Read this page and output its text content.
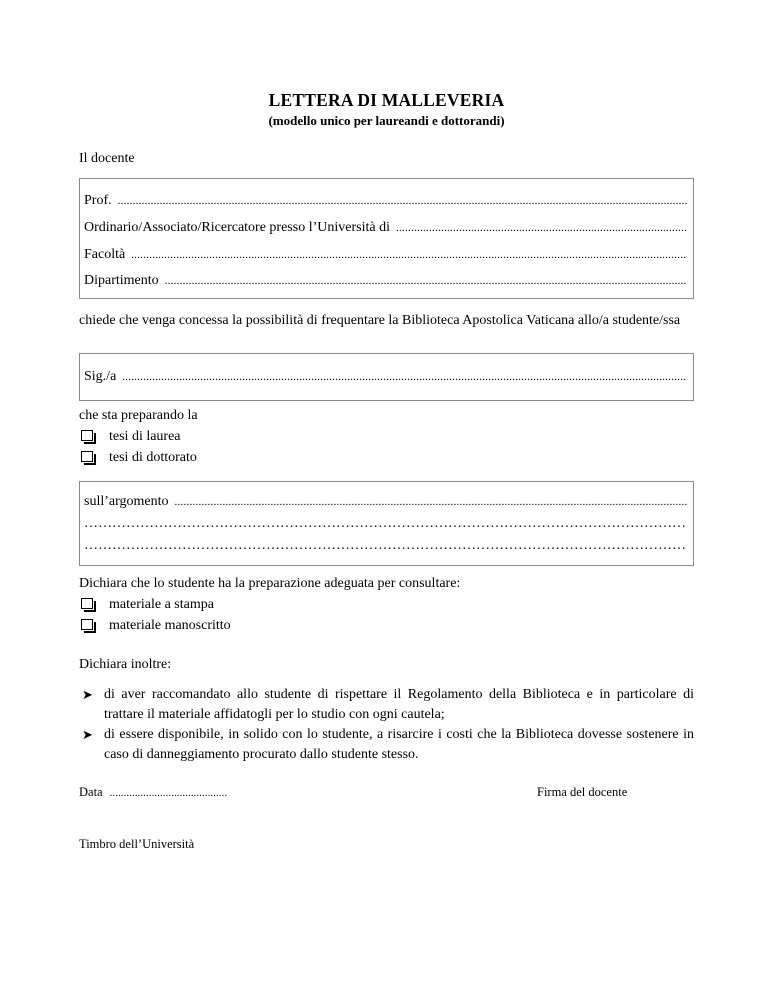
LETTERA DI MALLEVERIA
(modello unico per laureandi e dottorandi)
Il docente
Prof.
.....
Ordinario/Associato/Ricercatore presso l’Università di
.....
Facoltà
.....
Dipartimento
.....
chiede che venga concessa la possibilità di frequentare la Biblioteca Apostolica Vaticana allo/a studente/ssa
Sig./a
.....
che sta preparando la
tesi di laurea
tesi di dottorato
sull’argomento
.....
……………………………………………………………………………………………………………………………………………………………………
……………………………………………………………………………………………………………………………………………………………………
Dichiara che lo studente ha la preparazione adeguata per consultare:
materiale a stampa
materiale manoscritto
Dichiara inoltre:
➤ di aver raccomandato allo studente di rispettare il Regolamento della Biblioteca e in particolare di trattare il materiale affidatogli per lo studio con ogni cautela;
➤ di essere disponibile, in solido con lo studente, a risarcire i costi che la Biblioteca dovesse sostenere in caso di danneggiamento procurato dallo studente stesso.
Data ..........................................	Firma del docente
Timbro dell’Università
